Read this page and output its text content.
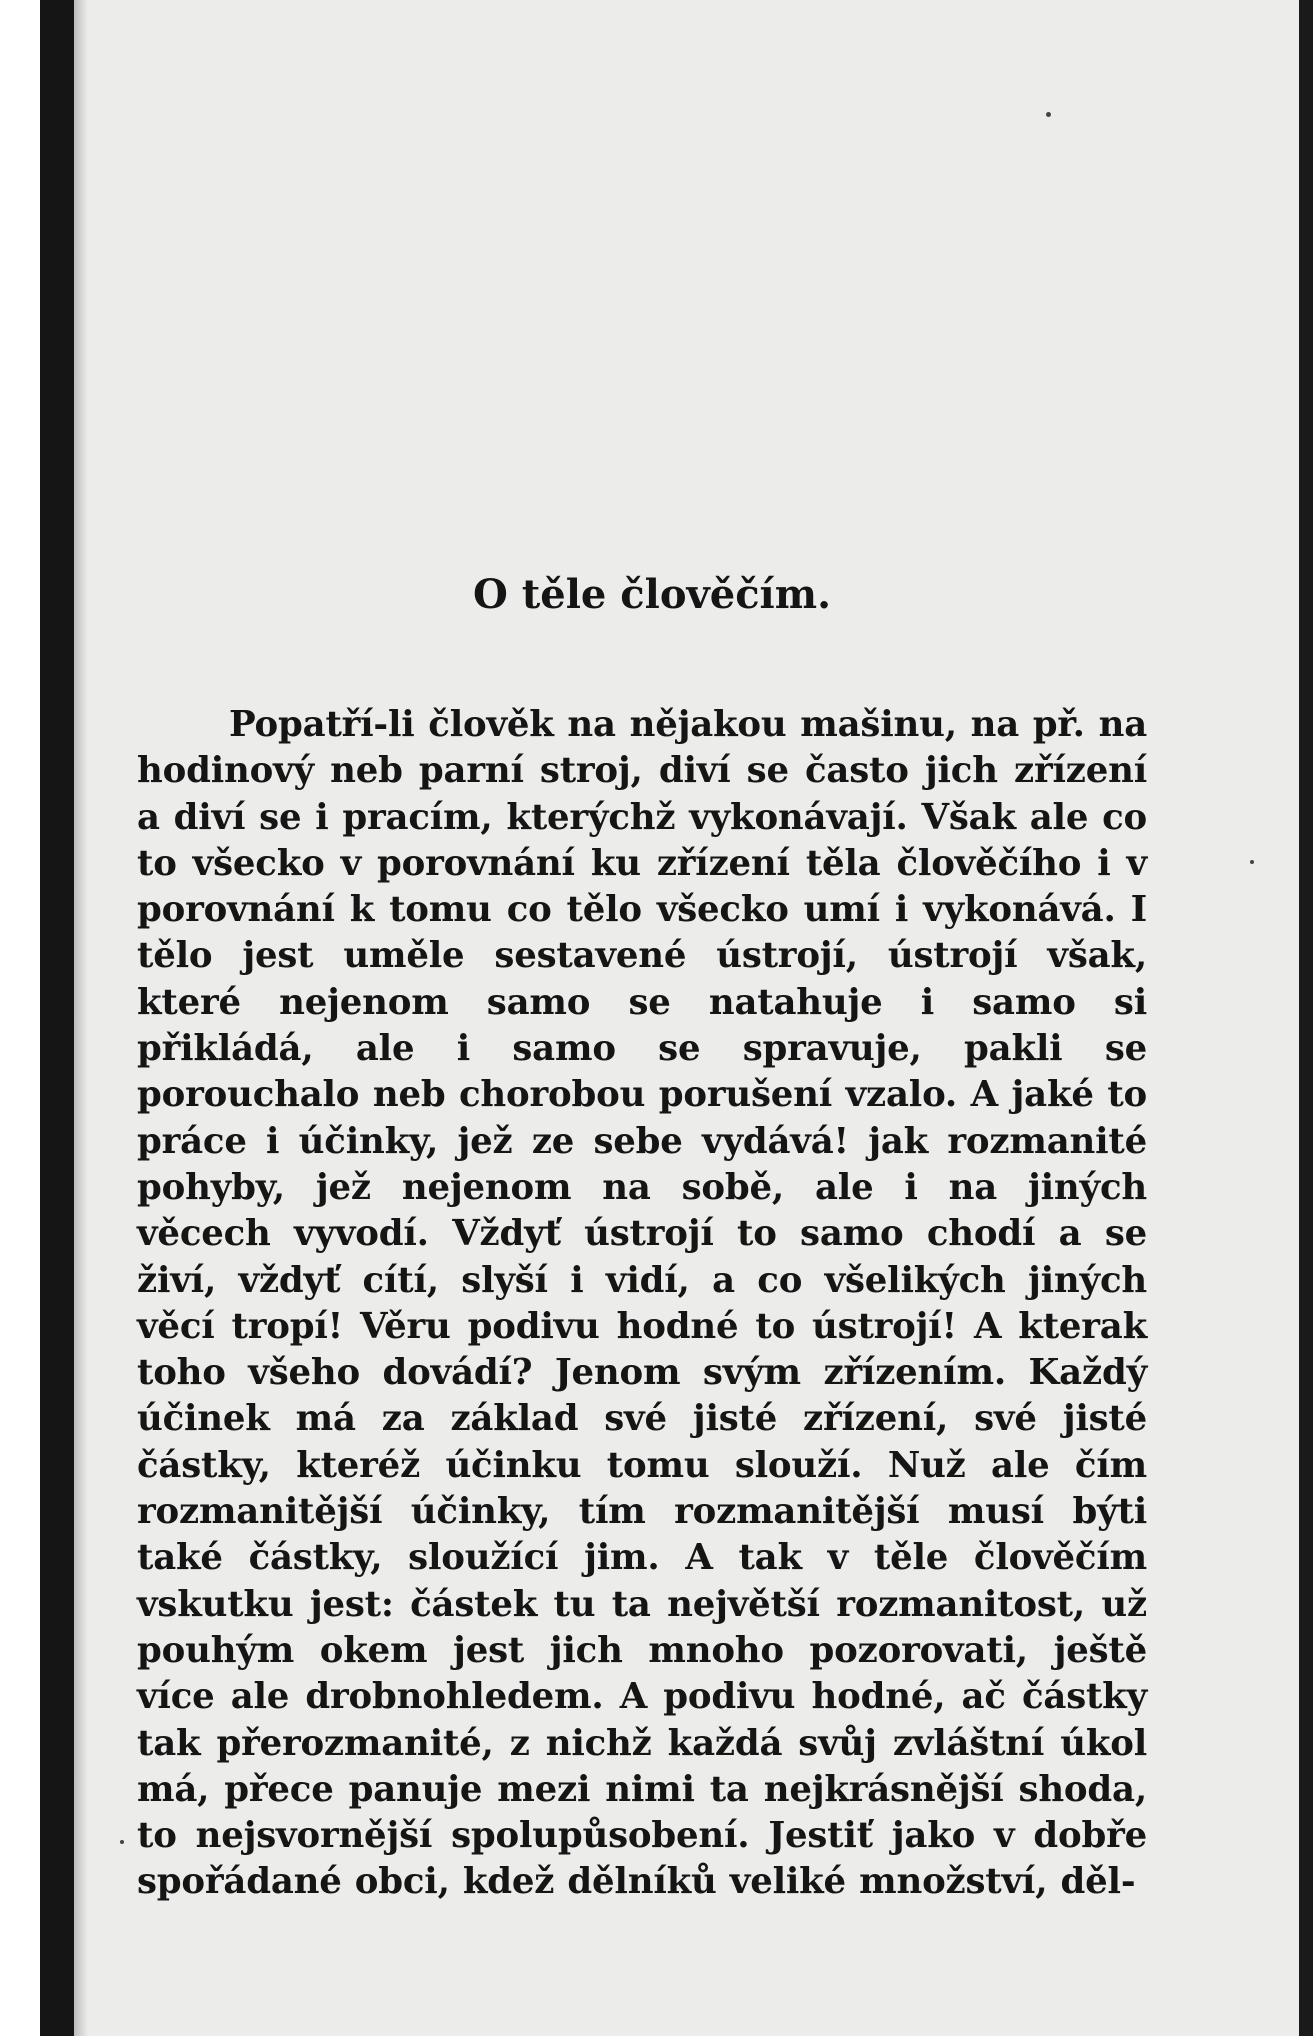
O těle člověčím.

Popatří-li člověk na nějakou mašinu, na př. na hodinový neb parní stroj, diví se často jich zřízení a diví se i pracím, kterýchž vykonávají. Však ale co to všecko v porovnání ku zřízení těla člověčího i v porovnání k tomu co tělo všecko umí i vykonává. I tělo jest uměle sestavené ústrojí, ústrojí však, které nejenom samo se natahuje i samo si přikládá, ale i samo se spravuje, pakli se porouchalo neb chorobou porušení vzalo. A jaké to práce i účinky, jež ze sebe vydává! jak rozmanité pohyby, jež nejenom na sobě, ale i na jiných věcech vyvodí. Vždyť ústrojí to samo chodí a se živí, vždyť cítí, slyší i vidí, a co všelikých jiných věcí tropí! Věru podivu hodné to ústrojí! A kterak toho všeho dovádí? Jenom svým zřízením. Každý účinek má za základ své jisté zřízení, své jisté částky, kteréž účinku tomu slouží. Nuž ale čím rozmanitější účinky, tím rozmanitější musí býti také částky, sloužící jim. A tak v těle člověčím vskutku jest: částek tu ta největší rozmanitost, už pouhým okem jest jich mnoho pozorovati, ještě více ale drobnohledem. A podivu hodné, ač částky tak přerozmanité, z nichž každá svůj zvláštní úkol má, přece panuje mezi nimi ta nejkrásnější shoda, to nejsvornější spolupůsobení. Jestiť jako v dobře spořádané obci, kdež dělníků veliké množství, děl-
